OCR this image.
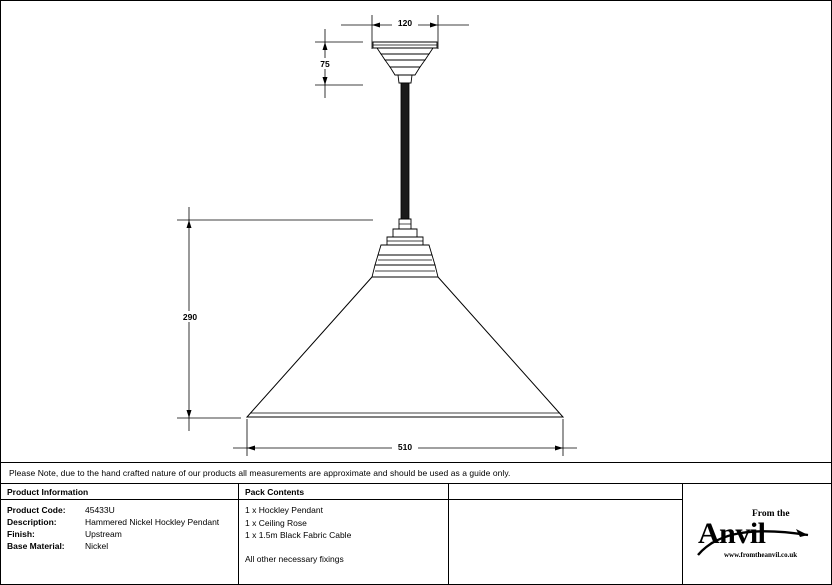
120
75
290
510
Please Note, due to the hand crafted nature of our products all measurements are approximate and should be used as a guide only.
Product Information
Product Code:	45433U
Description:	Hammered Nickel Hockley Pendant
Finish:	Upstream
Base Material:	Nickel
Pack Contents
1 x Hockley Pendant
1 x Ceiling Rose
1 x 1.5m Black Fabric Cable
All other necessary fixings
From the
Anvil
www.fromtheanvil.co.uk
